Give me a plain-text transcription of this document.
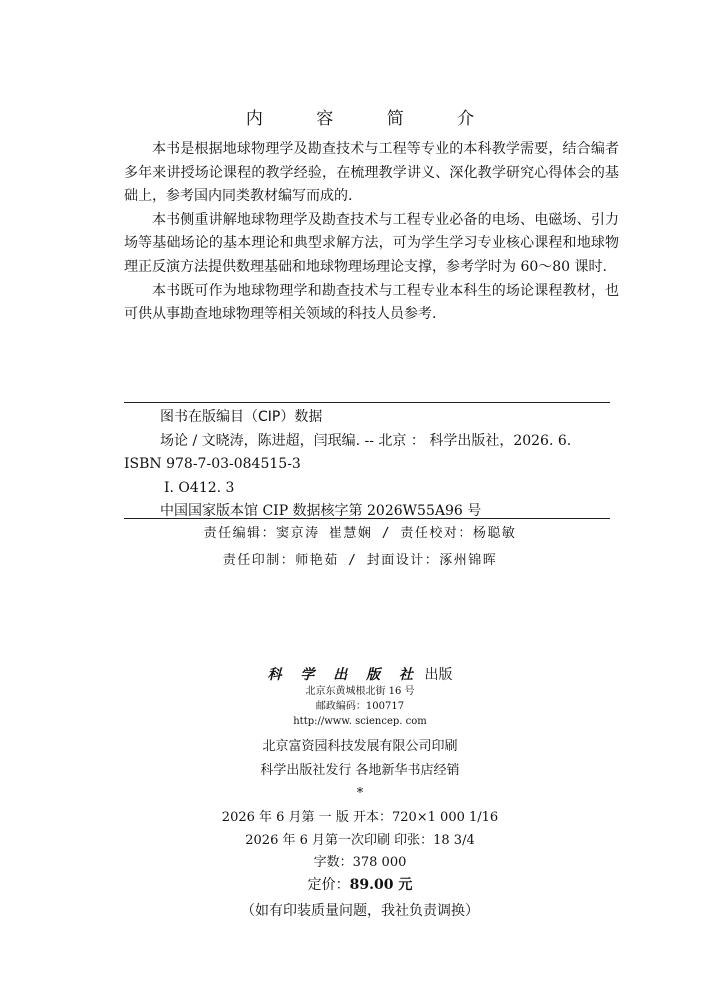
内 容 简 介

本书是根据地球物理学及勘查技术与工程等专业的本科教学需要，结合编者多年来讲授场论课程的教学经验，在梳理教学讲义、深化教学研究心得体会的基础上，参考国内同类教材编写而成的.

本书侧重讲解地球物理学及勘查技术与工程专业必备的电场、电磁场、引力场等基础场论的基本理论和典型求解方法，可为学生学习专业核心课程和地球物理正反演方法提供数理基础和地球物理场理论支撑，参考学时为 60～80 课时.

本书既可作为地球物理学和勘查技术与工程专业本科生的场论课程教材，也可供从事勘查地球物理等相关领域的科技人员参考.

图书在版编目（CIP）数据
场论 / 文晓涛，陈进超，闫珉编. -- 北京 ： 科学出版社，2026. 6.
ISBN 978-7-03-084515-3
Ⅰ. O412. 3
中国国家版本馆 CIP 数据核字第 2026W55A96 号
责任编辑：窦京涛 崔慧娴 / 责任校对：杨聪敏
责任印制：师艳茹 / 封面设计：涿州锦晖
科 学 出 版 社 出版
北京东黄城根北街 16 号
邮政编码：100717
http://www. sciencep. com
北京富资园科技发展有限公司印刷
科学出版社发行 各地新华书店经销
*
2026 年 6 月第 一 版 开本：720×1 000 1/16
2026 年 6 月第一次印刷 印张：18 3/4
字数：378 000
定价：89.00 元
（如有印装质量问题，我社负责调换）
